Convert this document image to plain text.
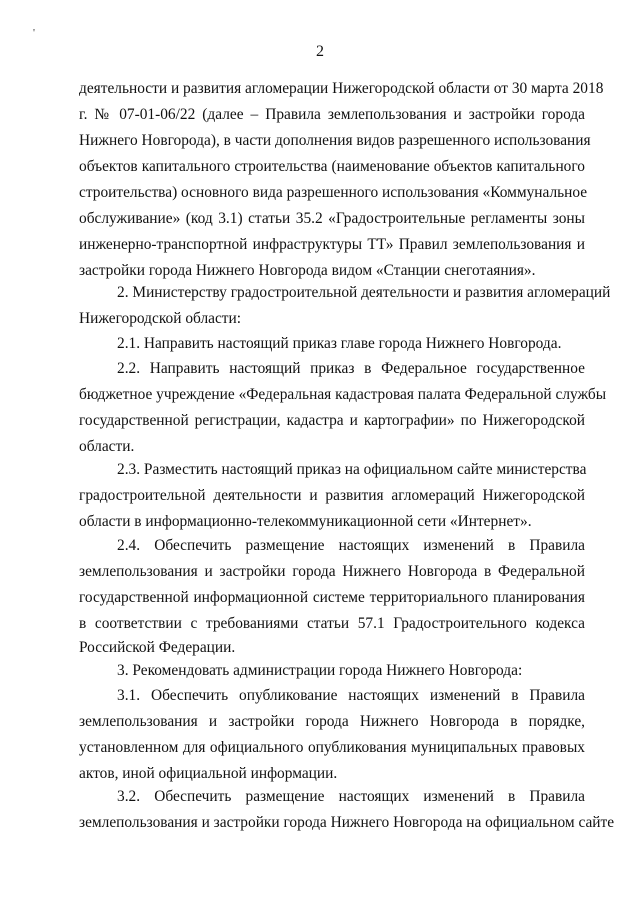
'
2
деятельности и развития агломерации Нижегородской области от 30 марта 2018
г. № 07-01-06/22 (далее – Правила землепользования и застройки города
Нижнего Новгорода), в части дополнения видов разрешенного использования
объектов капитального строительства (наименование объектов капитального
строительства) основного вида разрешенного использования «Коммунальное
обслуживание» (код 3.1) статьи 35.2 «Градостроительные регламенты зоны
инженерно-транспортной инфраструктуры ТТ» Правил землепользования и
застройки города Нижнего Новгорода видом «Станции снеготаяния».
2. Министерству градостроительной деятельности и развития агломераций
Нижегородской области:
2.1. Направить настоящий приказ главе города Нижнего Новгорода.
2.2. Направить настоящий приказ в Федеральное государственное
бюджетное учреждение «Федеральная кадастровая палата Федеральной службы
государственной регистрации, кадастра и картографии» по Нижегородской
области.
2.3. Разместить настоящий приказ на официальном сайте министерства
градостроительной деятельности и развития агломераций Нижегородской
области в информационно-телекоммуникационной сети «Интернет».
2.4. Обеспечить размещение настоящих изменений в Правила
землепользования и застройки города Нижнего Новгорода в Федеральной
государственной информационной системе территориального планирования
в соответствии с требованиями статьи 57.1 Градостроительного кодекса
Российской Федерации.
3. Рекомендовать администрации города Нижнего Новгорода:
3.1. Обеспечить опубликование настоящих изменений в Правила
землепользования и застройки города Нижнего Новгорода в порядке,
установленном для официального опубликования муниципальных правовых
актов, иной официальной информации.
3.2. Обеспечить размещение настоящих изменений в Правила
землепользования и застройки города Нижнего Новгорода на официальном сайте
